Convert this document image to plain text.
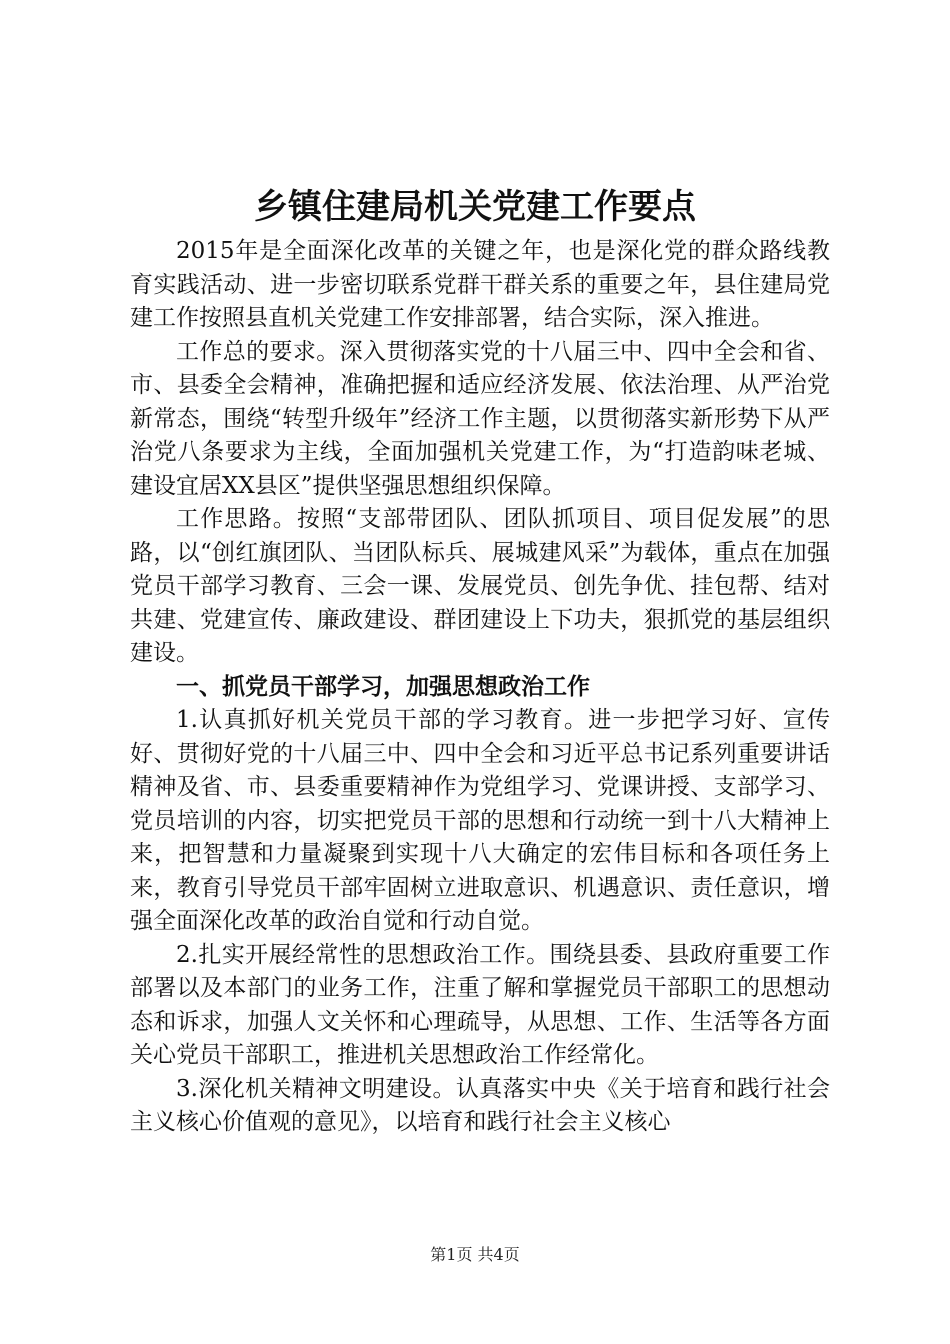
乡镇住建局机关党建工作要点

2015年是全面深化改革的关键之年，也是深化党的群众路线教育实践活动、进一步密切联系党群干群关系的重要之年，县住建局党建工作按照县直机关党建工作安排部署，结合实际，深入推进。

工作总的要求。深入贯彻落实党的十八届三中、四中全会和省、市、县委全会精神，准确把握和适应经济发展、依法治理、从严治党新常态，围绕“转型升级年”经济工作主题，以贯彻落实新形势下从严治党八条要求为主线，全面加强机关党建工作，为“打造韵味老城、建设宜居XX县区”提供坚强思想组织保障。

工作思路。按照“支部带团队、团队抓项目、项目促发展”的思路，以“创红旗团队、当团队标兵、展城建风采”为载体，重点在加强党员干部学习教育、三会一课、发展党员、创先争优、挂包帮、结对共建、党建宣传、廉政建设、群团建设上下功夫，狠抓党的基层组织建设。

一、抓党员干部学习，加强思想政治工作

1.认真抓好机关党员干部的学习教育。进一步把学习好、宣传好、贯彻好党的十八届三中、四中全会和习近平总书记系列重要讲话精神及省、市、县委重要精神作为党组学习、党课讲授、支部学习、党员培训的内容，切实把党员干部的思想和行动统一到十八大精神上来，把智慧和力量凝聚到实现十八大确定的宏伟目标和各项任务上来，教育引导党员干部牢固树立进取意识、机遇意识、责任意识，增强全面深化改革的政治自觉和行动自觉。

2.扎实开展经常性的思想政治工作。围绕县委、县政府重要工作部署以及本部门的业务工作，注重了解和掌握党员干部职工的思想动态和诉求，加强人文关怀和心理疏导，从思想、工作、生活等各方面关心党员干部职工，推进机关思想政治工作经常化。

3.深化机关精神文明建设。认真落实中央《关于培育和践行社会主义核心价值观的意见》，以培育和践行社会主义核心

第1页 共4页
